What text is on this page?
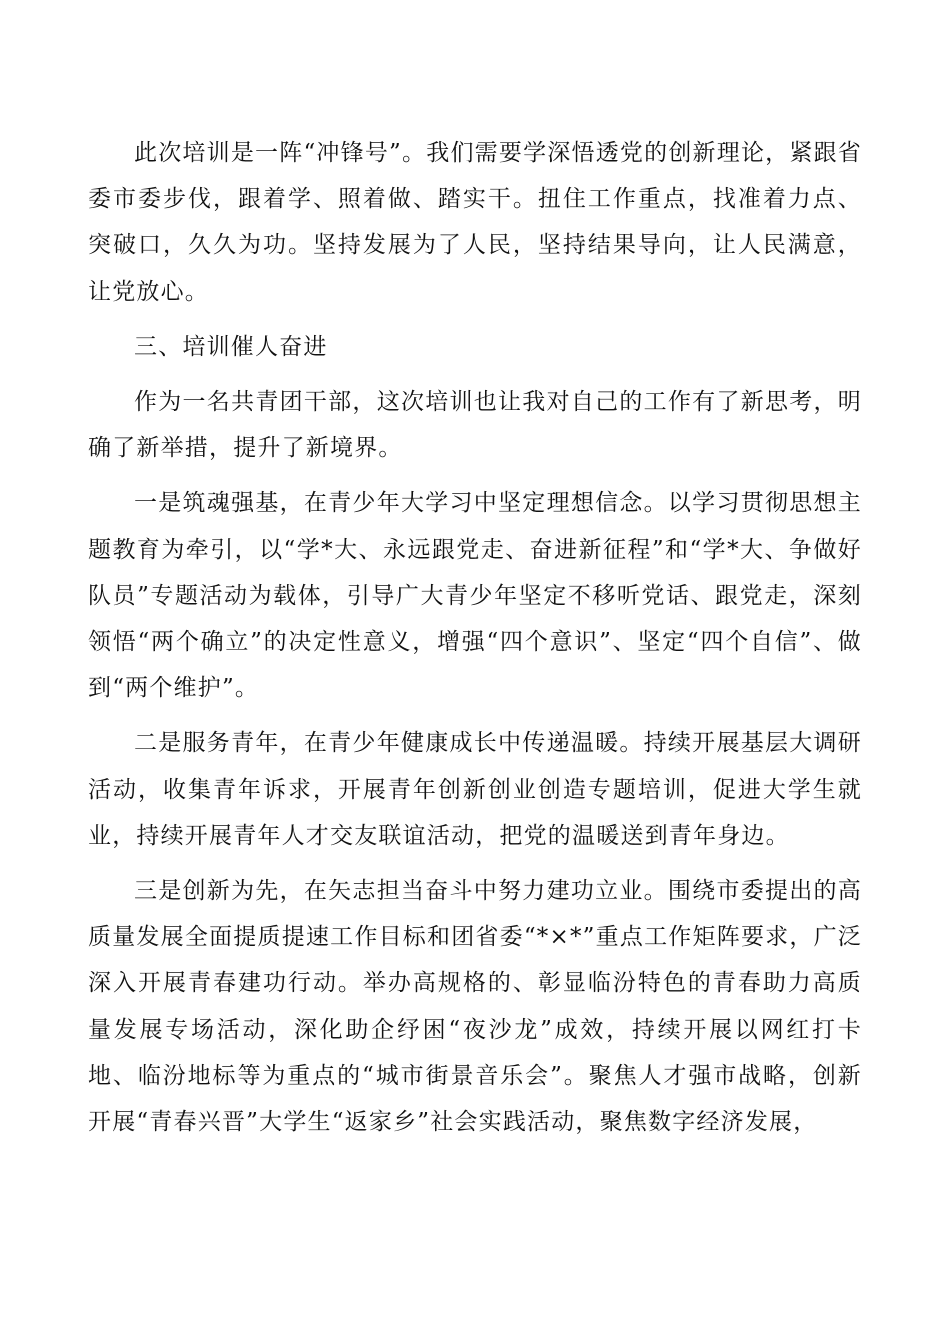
此次培训是一阵“冲锋号”。我们需要学深悟透党的创新理论，紧跟省委市委步伐，跟着学、照着做、踏实干。扭住工作重点，找准着力点、突破口，久久为功。坚持发展为了人民，坚持结果导向，让人民满意，让党放心。

三、培训催人奋进

作为一名共青团干部，这次培训也让我对自己的工作有了新思考，明确了新举措，提升了新境界。

一是筑魂强基，在青少年大学习中坚定理想信念。以学习贯彻思想主题教育为牵引，以“学*大、永远跟党走、奋进新征程”和“学*大、争做好队员”专题活动为载体，引导广大青少年坚定不移听党话、跟党走，深刻领悟“两个确立”的决定性意义，增强“四个意识”、坚定“四个自信”、做到“两个维护”。

二是服务青年，在青少年健康成长中传递温暖。持续开展基层大调研活动，收集青年诉求，开展青年创新创业创造专题培训，促进大学生就业，持续开展青年人才交友联谊活动，把党的温暖送到青年身边。

三是创新为先，在矢志担当奋斗中努力建功立业。围绕市委提出的高质量发展全面提质提速工作目标和团省委“*×*”重点工作矩阵要求，广泛深入开展青春建功行动。举办高规格的、彰显临汾特色的青春助力高质量发展专场活动，深化助企纾困“夜沙龙”成效，持续开展以网红打卡地、临汾地标等为重点的“城市街景音乐会”。聚焦人才强市战略，创新开展“青春兴晋”大学生“返家乡”社会实践活动，聚焦数字经济发展，
